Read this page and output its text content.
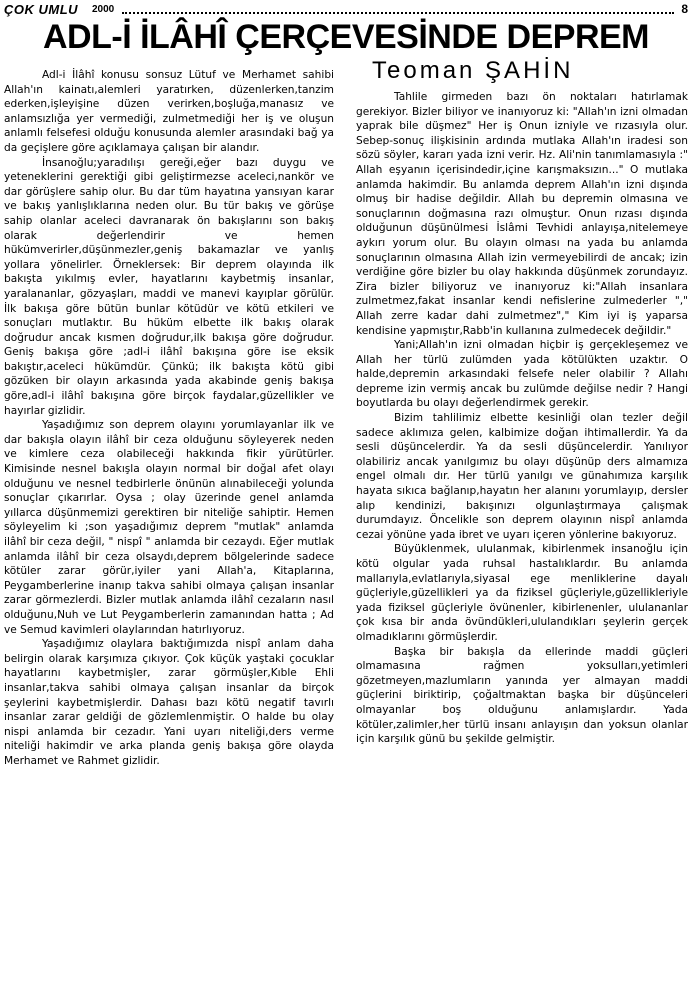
ÇOK UMLU 2000	8
ADL-İ İLÂHÎ ÇERÇEVESİNDE DEPREM
Teoman ŞAHİN

Adl-i İlâhî konusu sonsuz Lütuf ve Merhamet sahibi Allah'ın kainatı,alemleri yaratırken, düzenlerken,tanzim ederken,işleyişine düzen verirken,boşluğa,manasız ve anlamsızlığa yer vermediği, zulmetmediği her iş ve oluşun anlamlı felsefesi olduğu konusunda alemler arasındaki bağ ya da geçişlere göre açıklamaya çalışan bir alandır.

İnsanoğlu;yaradılışı gereği,eğer bazı duygu ve yeteneklerini gerektiği gibi geliştirmezse aceleci,nankör ve dar görüşlere sahip olur. Bu dar tüm hayatına yansıyan karar ve bakış yanlışlıklarına neden olur. Bu tür bakış ve görüşe sahip olanlar aceleci davranarak ön bakışlarını son bakış olarak değerlendirir ve hemen hükümverirler,düşünmezler,geniş bakamazlar ve yanlış yollara yönelirler. Örneklersek: Bir deprem olayında ilk bakışta yıkılmış evler, hayatlarını kaybetmiş insanlar, yaralananlar, gözyaşları, maddi ve manevi kayıplar görülür. İlk bakışa göre bütün bunlar kötüdür ve kötü etkileri ve sonuçları mutlaktır. Bu hüküm elbette ilk bakış olarak doğrudur ancak kısmen doğrudur,ilk bakışa göre doğrudur. Geniş bakışa göre ;adl-i ilâhî bakışına göre ise eksik bakıştır,aceleci hükümdür. Çünkü; ilk bakışta kötü gibi gözüken bir olayın arkasında yada akabinde geniş bakışa göre,adl-i ilâhî bakışına göre birçok faydalar,güzellikler ve hayırlar gizlidir.

Yaşadığımız son deprem olayını yorumlayanlar ilk ve dar bakışla olayın ilâhî bir ceza olduğunu söyleyerek neden ve kimlere ceza olabileceği hakkında fikir yürütürler. Kimisinde nesnel bakışla olayın normal bir doğal afet olayı olduğunu ve nesnel tedbirlerle önünün alınabileceği yolunda sonuçlar çıkarırlar. Oysa ; olay üzerinde genel anlamda yıllarca düşünmemizi gerektiren bir niteliğe sahiptir. Hemen söyleyelim ki ;son yaşadığımız deprem "mutlak" anlamda ilâhî bir ceza değil, " nispî " anlamda bir cezaydı. Eğer mutlak anlamda ilâhî bir ceza olsaydı,deprem bölgelerinde sadece kötüler zarar görür,iyiler yani Allah'a, Kitaplarına, Peygamberlerine inanıp takva sahibi olmaya çalışan insanlar zarar görmezlerdi. Bizler mutlak anlamda ilâhî cezaların nasıl olduğunu,Nuh ve Lut Peygamberlerin zamanından hatta ; Ad ve Semud kavimleri olaylarından hatırlıyoruz.

Yaşadığımız olaylara baktığımızda nispî anlam daha belirgin olarak karşımıza çıkıyor. Çok küçük yaştaki çocuklar hayatlarını kaybetmişler, zarar görmüşler,Kıble Ehli insanlar,takva sahibi olmaya çalışan insanlar da birçok şeylerini kaybetmişlerdir. Dahası bazı kötü negatif tavırlı insanlar zarar geldiği de gözlemlenmiştir. O halde bu olay nispi anlamda bir cezadır. Yani uyarı niteliği,ders verme niteliği hakimdir ve arka planda geniş bakışa göre olayda Merhamet ve Rahmet gizlidir.

Tahlile girmeden bazı ön noktaları hatırlamak gerekiyor. Bizler biliyor ve inanıyoruz ki: "Allah'ın izni olmadan yaprak bile düşmez" Her iş Onun izniyle ve rızasıyla olur. Sebep-sonuç ilişkisinin ardında mutlaka Allah'ın iradesi son sözü söyler, kararı yada izni verir. Hz. Ali'nin tanımlamasıyla :" Allah eşyanın içerisindedir,içine karışmaksızın..." O mutlaka anlamda hakimdir. Bu anlamda deprem Allah'ın izni dışında olmuş bir hadise değildir. Allah bu depremin olmasına ve sonuçlarının doğmasına razı olmuştur. Onun rızası dışında olduğunun düşünülmesi İslâmi Tevhidi anlayışa,nitelemeye aykırı yorum olur. Bu olayın olması na yada bu anlamda sonuçlarının olmasına Allah izin vermeyebilirdi de ancak; izin verdiğine göre bizler bu olay hakkında düşünmek zorundayız. Zira bizler biliyoruz ve inanıyoruz ki:"Allah insanlara zulmetmez,fakat insanlar kendi nefislerine zulmederler "," Allah zerre kadar dahi zulmetmez"," Kim iyi iş yaparsa kendisine yapmıştır,Rabb'in kullanına zulmedecek değildir."

Yani;Allah'ın izni olmadan hiçbir iş gerçekleşemez ve Allah her türlü zulümden yada kötülükten uzaktır. O halde,depremin arkasındaki felsefe neler olabilir ? Allahı depreme izin vermiş ancak bu zulümde değilse nedir ? Hangi boyutlarda bu olayı değerlendirmek gerekir.

Bizim tahlilimiz elbette kesinliği olan tezler değil sadece aklımıza gelen, kalbimize doğan ihtimallerdir. Ya da sesli düşüncelerdir. Ya da sesli düşüncelerdir. Yanılıyor olabiliriz ancak yanılgımız bu olayı düşünüp ders almamıza engel olmalı dır. Her türlü yanılgı ve günahımıza karşılık hayata sıkıca bağlanıp,hayatın her alanını yorumlayıp, dersler alıp kendinizi, bakışınızı olgunlaştırmaya çalışmak durumdayız. Öncelikle son deprem olayının nispî anlamda cezai yönüne yada ibret ve uyarı içeren yönlerine bakıyoruz.

Büyüklenmek, ululanmak, kibirlenmek insanoğlu için kötü olgular yada ruhsal hastalıklardır. Bu anlamda mallarıyla,evlatlarıyla,siyasal ege menliklerine dayalı güçleriyle,güzellikleri ya da fiziksel güçleriyle,güzellikleriyle yada fiziksel güçleriyle övünenler, kibirlenenler, ululananlar çok kısa bir anda övündükleri,ululandıkları şeylerin gerçek olmadıklarını görmüşlerdir.

Başka bir bakışla da ellerinde maddi güçleri olmamasına rağmen yoksulları,yetimleri gözetmeyen,mazlumların yanında yer almayan maddi güçlerini biriktirip, çoğaltmaktan başka bir düşünceleri olmayanlar boş olduğunu anlamışlardır. Yada kötüler,zalimler,her türlü insanı anlayışın dan yoksun olanlar için karşılık günü bu şekilde gelmiştir.
